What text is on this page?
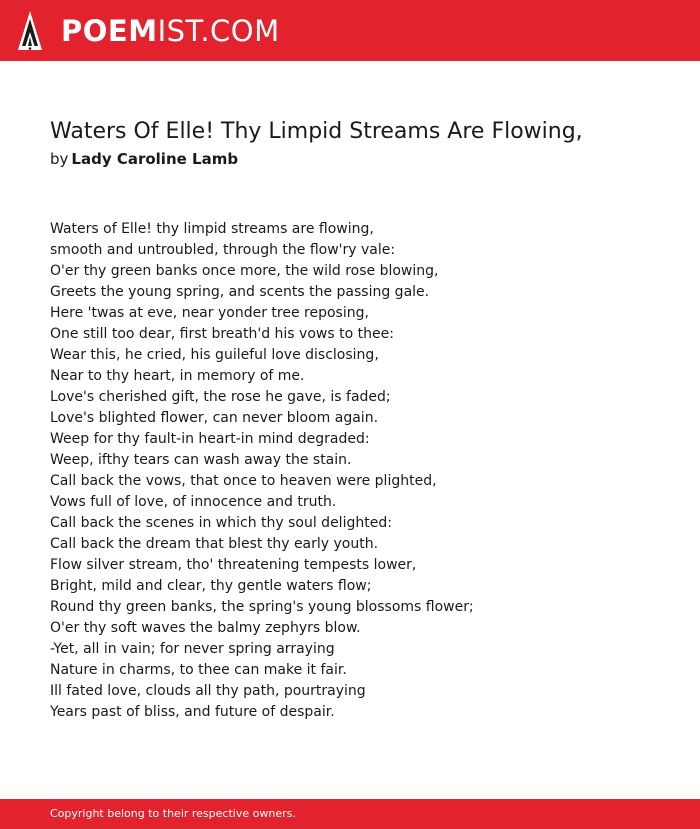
POEMIST.COM
Waters Of Elle! Thy Limpid Streams Are Flowing,
by Lady Caroline Lamb
Waters of Elle! thy limpid streams are flowing,
smooth and untroubled, through the flow'ry vale:
O'er thy green banks once more, the wild rose blowing,
Greets the young spring, and scents the passing gale.
Here 'twas at eve, near yonder tree reposing,
One still too dear, first breath'd his vows to thee:
Wear this, he cried, his guileful love disclosing,
Near to thy heart, in memory of me.
Love's cherished gift, the rose he gave, is faded;
Love's blighted flower, can never bloom again.
Weep for thy fault-in heart-in mind degraded:
Weep, ifthy tears can wash away the stain.
Call back the vows, that once to heaven were plighted,
Vows full of love, of innocence and truth.
Call back the scenes in which thy soul delighted:
Call back the dream that blest thy early youth.
Flow silver stream, tho' threatening tempests lower,
Bright, mild and clear, thy gentle waters flow;
Round thy green banks, the spring's young blossoms flower;
O'er thy soft waves the balmy zephyrs blow.
-Yet, all in vain; for never spring arraying
Nature in charms, to thee can make it fair.
Ill fated love, clouds all thy path, pourtraying
Years past of bliss, and future of despair.
Copyright belong to their respective owners.
